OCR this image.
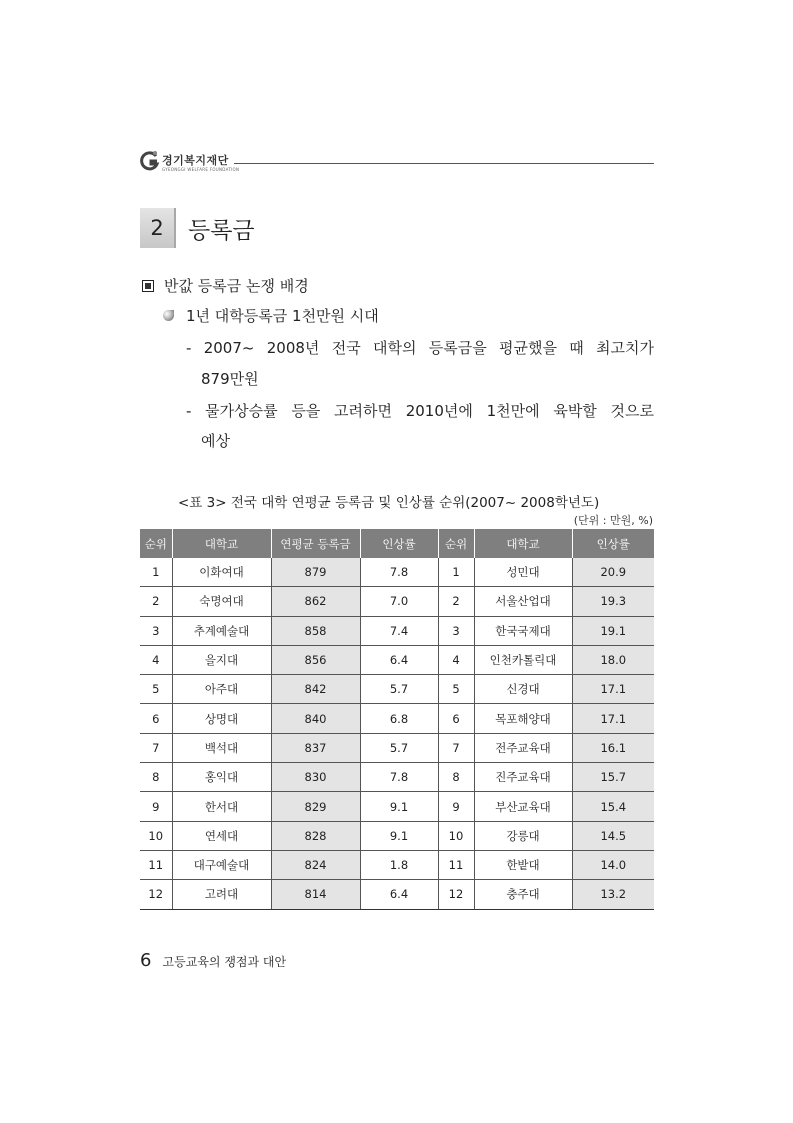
경기복지재단
GYEONGGI WELFARE FOUNDATION
2	등록금
반값 등록금 논쟁 배경
1년 대학등록금 1천만원 시대
- 2007~ 2008년 전국 대학의 등록금을 평균했을 때 최고치가
879만원
- 물가상승률 등을 고려하면 2010년에 1천만에 육박할 것으로
예상
<표 3> 전국 대학 연평균 등록금 및 인상률 순위(2007~ 2008학년도)
(단위 : 만원, %)
순위	대학교	연평균 등록금	인상률	순위	대학교	인상률
1	이화여대	879	7.8	1	성민대	20.9
2	숙명여대	862	7.0	2	서울산업대	19.3
3	추계예술대	858	7.4	3	한국국제대	19.1
4	을지대	856	6.4	4	인천카톨릭대	18.0
5	아주대	842	5.7	5	신경대	17.1
6	상명대	840	6.8	6	목포해양대	17.1
7	백석대	837	5.7	7	전주교육대	16.1
8	홍익대	830	7.8	8	진주교육대	15.7
9	한서대	829	9.1	9	부산교육대	15.4
10	연세대	828	9.1	10	강릉대	14.5
11	대구예술대	824	1.8	11	한밭대	14.0
12	고려대	814	6.4	12	충주대	13.2
6 고등교육의 쟁점과 대안
